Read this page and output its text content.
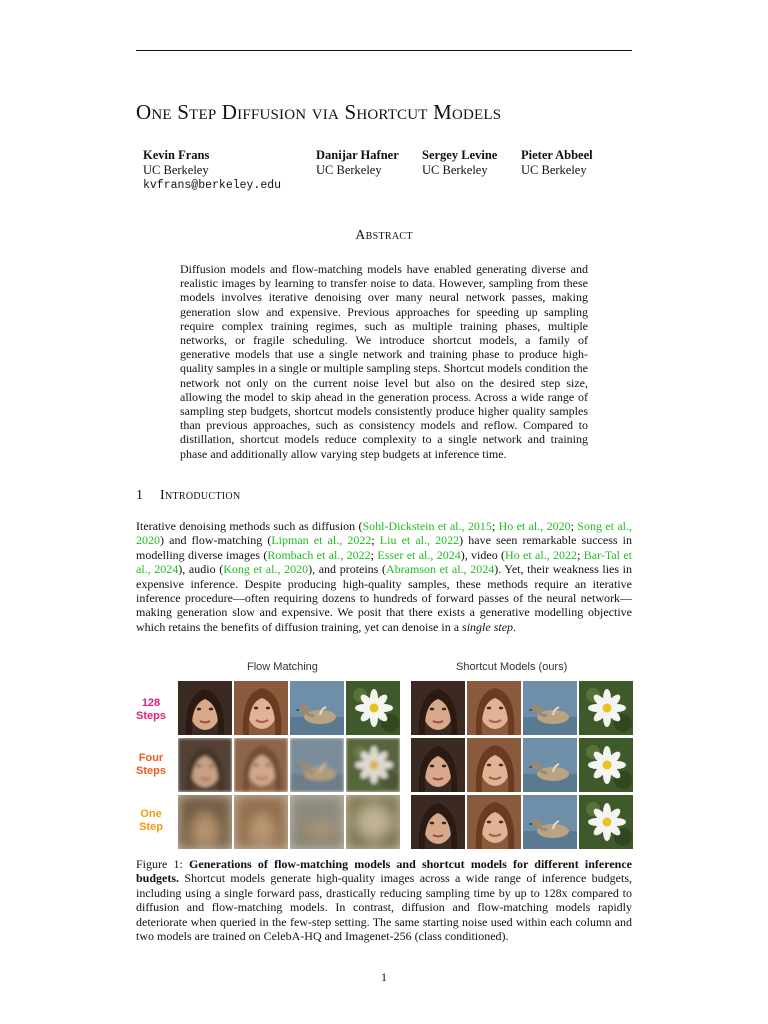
One Step Diffusion via Shortcut Models
Kevin Frans
UC Berkeley
kvfrans@berkeley.edu
Danijar Hafner
UC Berkeley
Sergey Levine
UC Berkeley
Pieter Abbeel
UC Berkeley
Abstract

Diffusion models and flow-matching models have enabled generating diverse and realistic images by learning to transfer noise to data. However, sampling from these models involves iterative denoising over many neural network passes, making generation slow and expensive. Previous approaches for speeding up sampling require complex training regimes, such as multiple training phases, multiple networks, or fragile scheduling. We introduce shortcut models, a family of generative models that use a single network and training phase to produce high-quality samples in a single or multiple sampling steps. Shortcut models condition the network not only on the current noise level but also on the desired step size, allowing the model to skip ahead in the generation process. Across a wide range of sampling step budgets, shortcut models consistently produce higher quality samples than previous approaches, such as consistency models and reflow. Compared to distillation, shortcut models reduce complexity to a single network and training phase and additionally allow varying step budgets at inference time.

1 Introduction

Iterative denoising methods such as diffusion (Sohl-Dickstein et al., 2015; Ho et al., 2020; Song et al., 2020) and flow-matching (Lipman et al., 2022; Liu et al., 2022) have seen remarkable success in modelling diverse images (Rombach et al., 2022; Esser et al., 2024), video (Ho et al., 2022; Bar-Tal et al., 2024), audio (Kong et al., 2020), and proteins (Abramson et al., 2024). Yet, their weakness lies in expensive inference. Despite producing high-quality samples, these methods require an iterative inference procedure—often requiring dozens to hundreds of forward passes of the neural network—making generation slow and expensive. We posit that there exists a generative modelling objective which retains the benefits of diffusion training, yet can denoise in a single step.

Flow Matching	Shortcut Models (ours)
128
Steps
Four
Steps
One
Step

Figure 1: Generations of flow-matching models and shortcut models for different inference budgets. Shortcut models generate high-quality images across a wide range of inference budgets, including using a single forward pass, drastically reducing sampling time by up to 128x compared to diffusion and flow-matching models. In contrast, diffusion and flow-matching models rapidly deteriorate when queried in the few-step setting. The same starting noise used within each column and two models are trained on CelebA-HQ and Imagenet-256 (class conditioned).

1
